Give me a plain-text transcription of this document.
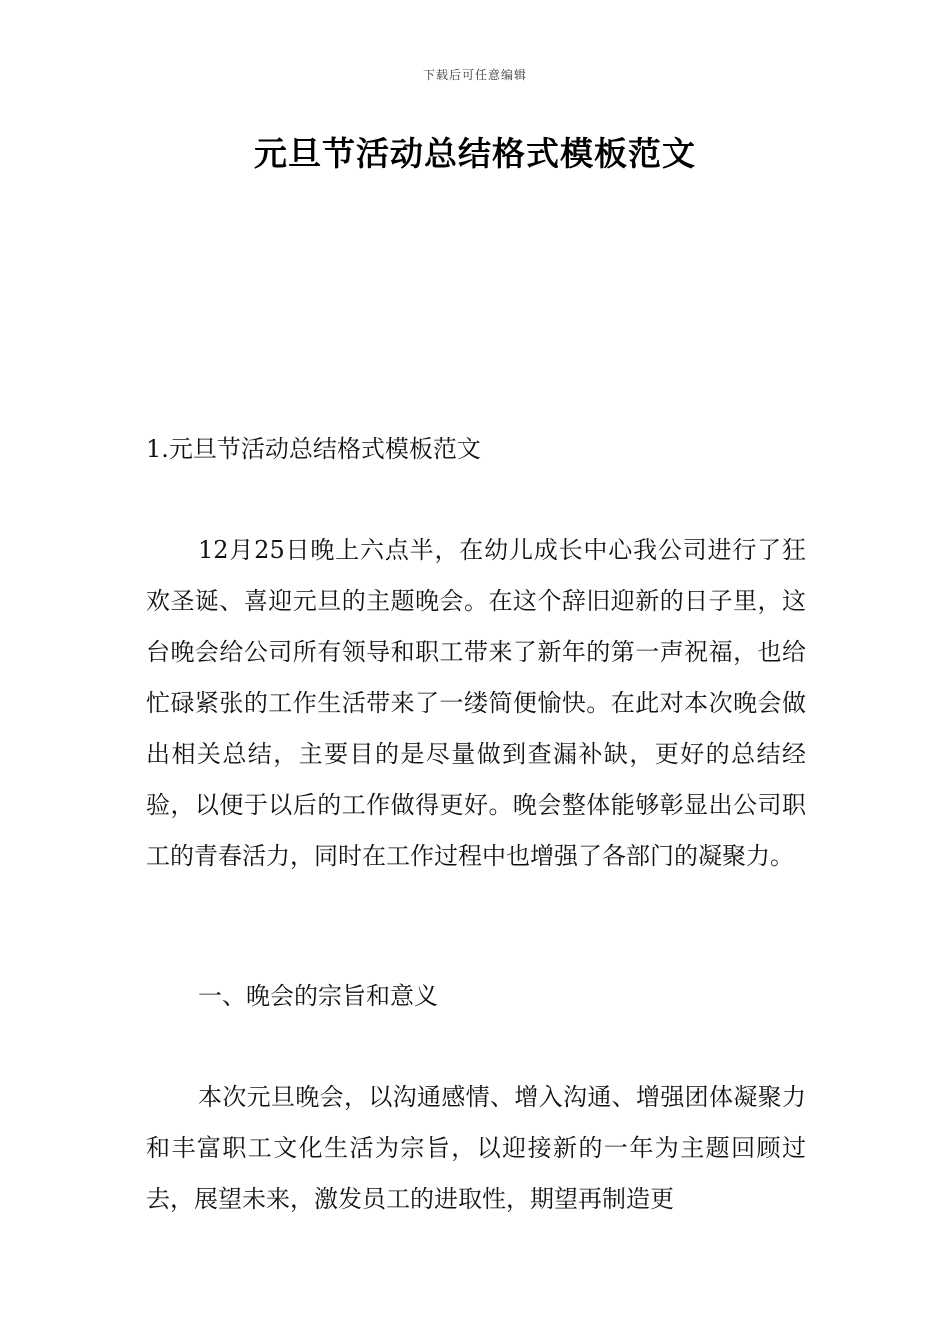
下载后可任意编辑
元旦节活动总结格式模板范文

1.元旦节活动总结格式模板范文

12月25日晚上六点半，在幼儿成长中心我公司进行了狂欢圣诞、喜迎元旦的主题晚会。在这个辞旧迎新的日子里，这台晚会给公司所有领导和职工带来了新年的第一声祝福，也给忙碌紧张的工作生活带来了一缕简便愉快。在此对本次晚会做出相关总结，主要目的是尽量做到查漏补缺，更好的总结经验，以便于以后的工作做得更好。晚会整体能够彰显出公司职工的青春活力，同时在工作过程中也增强了各部门的凝聚力。

一、晚会的宗旨和意义

本次元旦晚会，以沟通感情、增入沟通、增强团体凝聚力和丰富职工文化生活为宗旨，以迎接新的一年为主题回顾过去，展望未来，激发员工的进取性，期望再制造更
